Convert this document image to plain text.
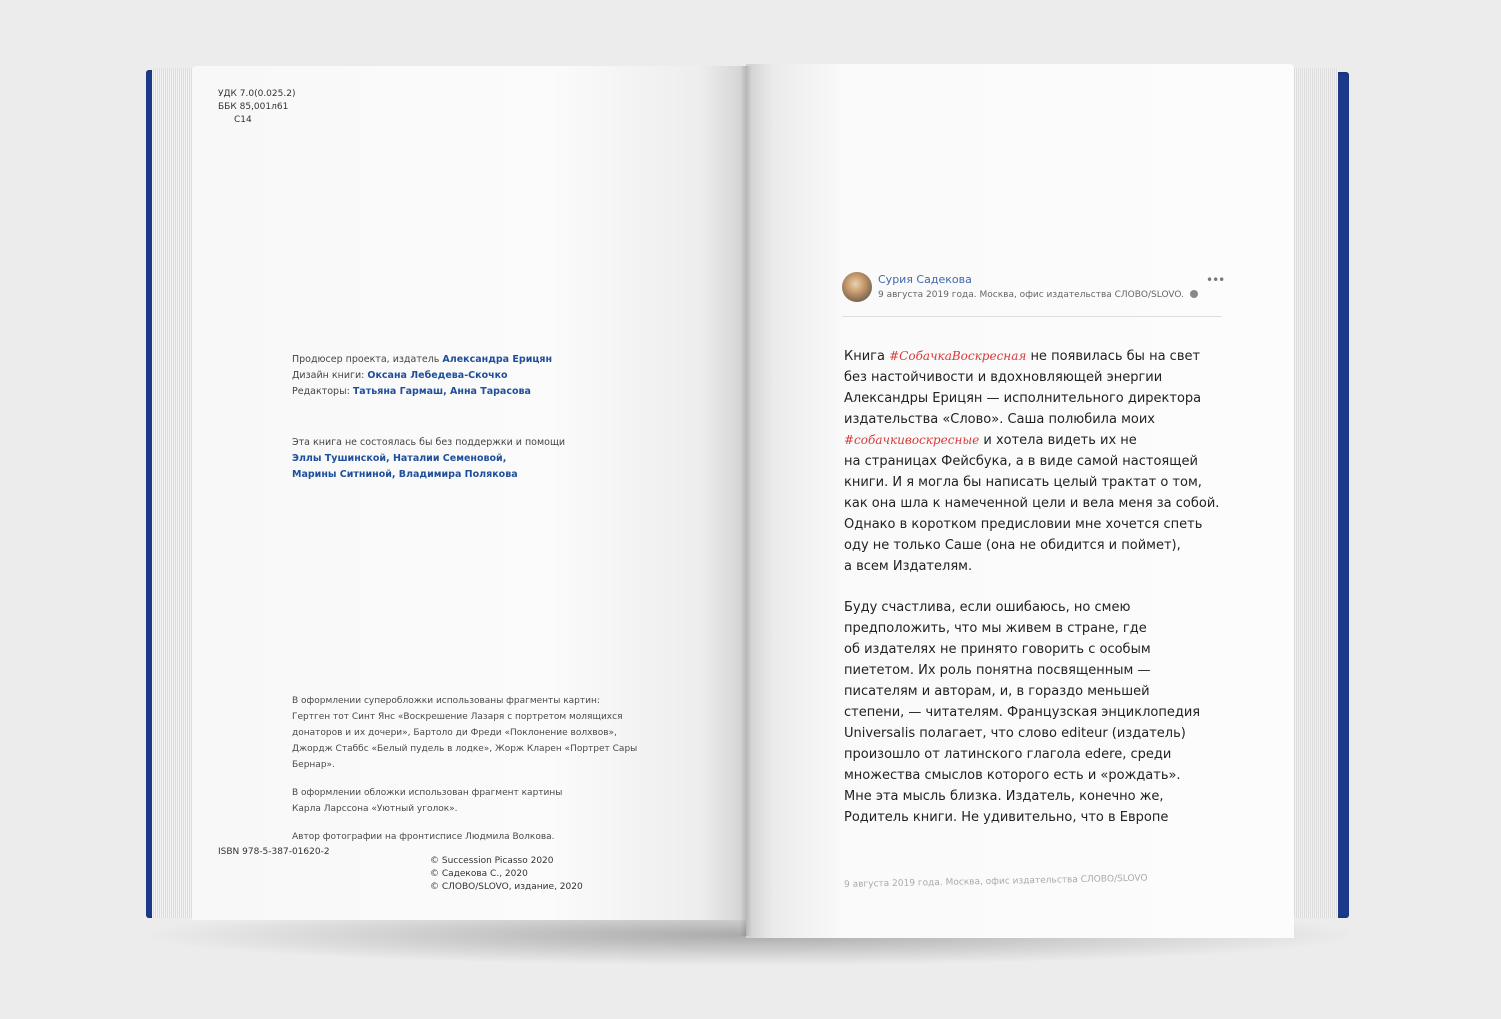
УДК 7.0(0.025.2)
ББК 85,001л61
С14
Продюсер проекта, издатель Александра Ерицян
Дизайн книги: Оксана Лебедева-Скочко
Редакторы: Татьяна Гармаш, Анна Тарасова
Эта книга не состоялась бы без поддержки и помощи
Эллы Тушинской, Наталии Семеновой,
Марины Ситниной, Владимира Полякова

В оформлении суперобложки использованы фрагменты картин:
Гертген тот Синт Янс «Воскрешение Лазаря с портретом молящихся
донаторов и их дочери», Бартоло ди Фреди «Поклонение волхвов»,
Джордж Стаббс «Белый пудель в лодке», Жорж Кларен «Портрет Сары Бернар».

В оформлении обложки использован фрагмент картины
Карла Ларссона «Уютный уголок».

Автор фотографии на фронтисписе Людмила Волкова.

ISBN 978-5-387-01620-2
© Succession Picasso 2020
© Садекова С., 2020
© СЛОВО/SLOVO, издание, 2020
Сурия Садекова
9 августа 2019 года. Москва, офис издательства СЛОВО/SLOVO.
•••

Книга #СобачкаВоскресная не появилась бы на свет
без настойчивости и вдохновляющей энергии
Александры Ерицян — исполнительного директора
издательства «Слово». Саша полюбила моих
#собачкивоскресные и хотела видеть их не
на страницах Фейсбука, а в виде самой настоящей
книги. И я могла бы написать целый трактат о том,
как она шла к намеченной цели и вела меня за собой.
Однако в коротком предисловии мне хочется спеть
оду не только Саше (она не обидится и поймет),
а всем Издателям.

Буду счастлива, если ошибаюсь, но смею
предположить, что мы живем в стране, где
об издателях не принято говорить с особым
пиететом. Их роль понятна посвященным —
писателям и авторам, и, в гораздо меньшей
степени, — читателям. Французская энциклопедия
Universalis полагает, что слово editeur (издатель)
произошло от латинского глагола edere, среди
множества смыслов которого есть и «рождать».
Мне эта мысль близка. Издатель, конечно же,
Родитель книги. Не удивительно, что в Европе

9 августа 2019 года. Москва, офис издательства СЛОВО/SLOVO
